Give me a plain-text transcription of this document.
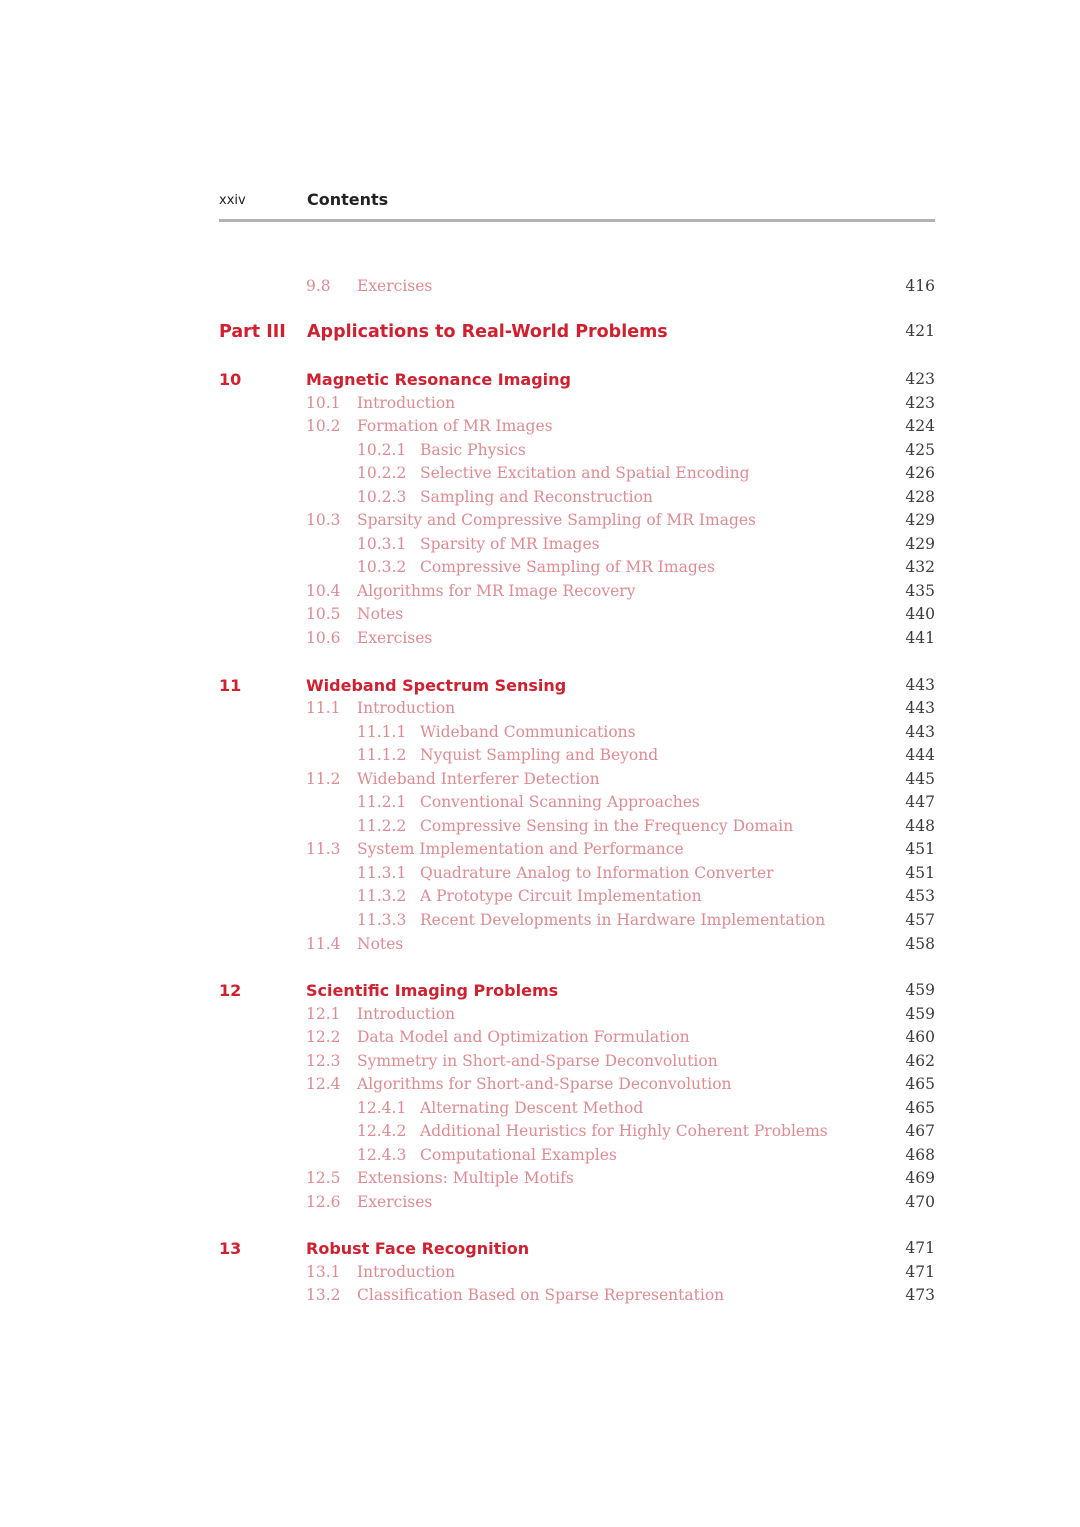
xxiv	Contents
9.8 Exercises	416
Part III Applications to Real-World Problems	421
10	Magnetic Resonance Imaging	423
10.1 Introduction	423
10.2 Formation of MR Images	424
10.2.1 Basic Physics	425
10.2.2 Selective Excitation and Spatial Encoding	426
10.2.3 Sampling and Reconstruction	428
10.3 Sparsity and Compressive Sampling of MR Images	429
10.3.1 Sparsity of MR Images	429
10.3.2 Compressive Sampling of MR Images	432
10.4 Algorithms for MR Image Recovery	435
10.5 Notes	440
10.6 Exercises	441
11	Wideband Spectrum Sensing	443
11.1 Introduction	443
11.1.1 Wideband Communications	443
11.1.2 Nyquist Sampling and Beyond	444
11.2 Wideband Interferer Detection	445
11.2.1 Conventional Scanning Approaches	447
11.2.2 Compressive Sensing in the Frequency Domain	448
11.3 System Implementation and Performance	451
11.3.1 Quadrature Analog to Information Converter	451
11.3.2 A Prototype Circuit Implementation	453
11.3.3 Recent Developments in Hardware Implementation	457
11.4 Notes	458
12	Scientific Imaging Problems	459
12.1 Introduction	459
12.2 Data Model and Optimization Formulation	460
12.3 Symmetry in Short-and-Sparse Deconvolution	462
12.4 Algorithms for Short-and-Sparse Deconvolution	465
12.4.1 Alternating Descent Method	465
12.4.2 Additional Heuristics for Highly Coherent Problems	467
12.4.3 Computational Examples	468
12.5 Extensions: Multiple Motifs	469
12.6 Exercises	470
13	Robust Face Recognition	471
13.1 Introduction	471
13.2 Classification Based on Sparse Representation	473
